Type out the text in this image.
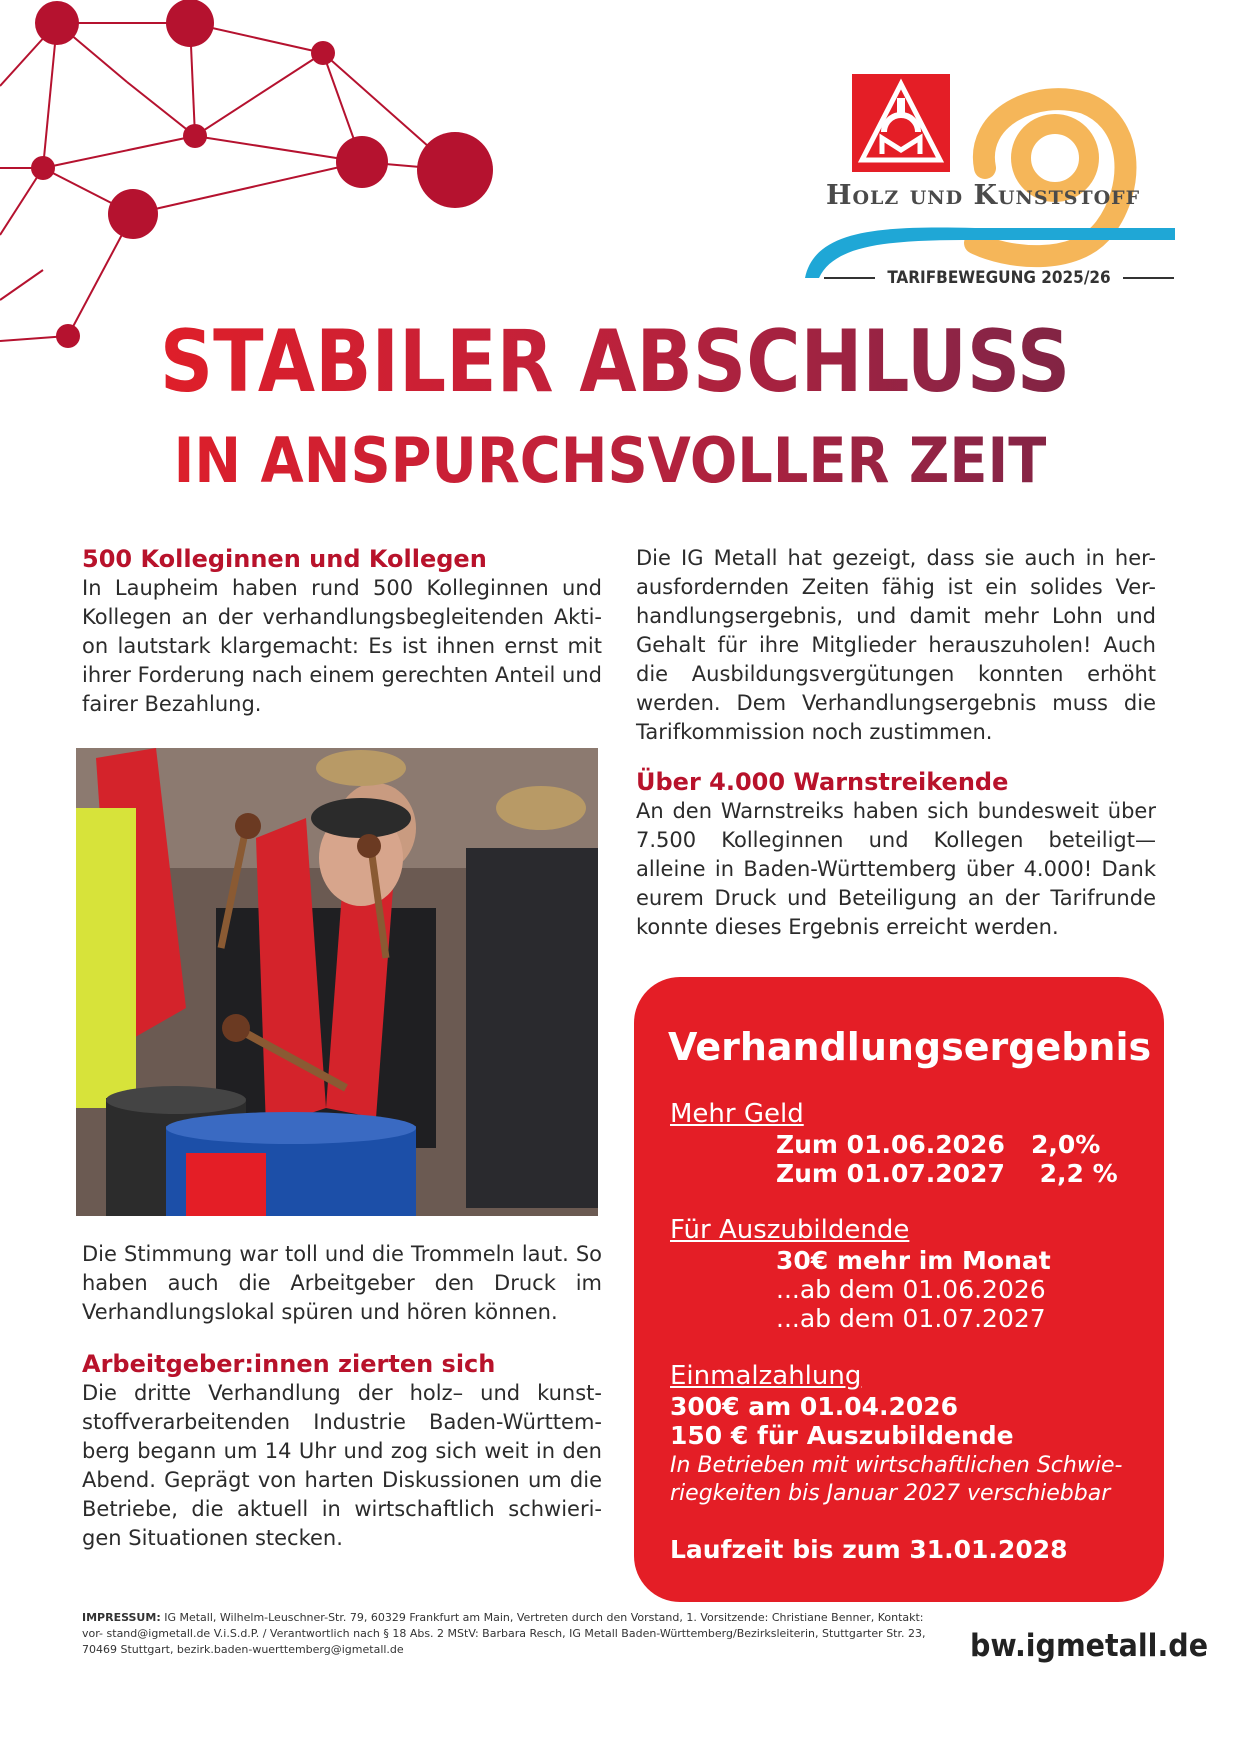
Holz und Kunststoff
TARIFBEWEGUNG 2025/26
STABILER ABSCHLUSS
IN ANSPURCHSVOLLER ZEIT
500 Kolleginnen und Kollegen

In Laupheim haben rund 500 Kolleginnen und Kollegen an der verhandlungsbegleitenden Akti- on lautstark klargemacht: Es ist ihnen ernst mit ihrer Forderung nach einem gerechten Anteil und fairer Bezahlung.

Die Stimmung war toll und die Trommeln laut. So haben auch die Arbeitgeber den Druck im Verhandlungslokal spüren und hören können.

Arbeitgeber:innen zierten sich

Die dritte Verhandlung der holz– und kunst- stoffverarbeitenden Industrie Baden-Württem- berg begann um 14 Uhr und zog sich weit in den Abend. Geprägt von harten Diskussionen um die Betriebe, die aktuell in wirtschaftlich schwieri- gen Situationen stecken.

Die IG Metall hat gezeigt, dass sie auch in her- ausfordernden Zeiten fähig ist ein solides Ver- handlungsergebnis, und damit mehr Lohn und Gehalt für ihre Mitglieder herauszuholen! Auch die Ausbildungsvergütungen konnten erhöht werden. Dem Verhandlungsergebnis muss die Tarifkommission noch zustimmen.

Über 4.000 Warnstreikende

An den Warnstreiks haben sich bundesweit über 7.500 Kolleginnen und Kollegen beteiligt— alleine in Baden-Württemberg über 4.000! Dank eurem Druck und Beteiligung an der Tarifrunde konnte dieses Ergebnis erreicht werden.

Verhandlungsergebnis
Mehr Geld
Zum 01.06.2026   2,0%
Zum 01.07.2027    2,2 %
Für Auszubildende
30€ mehr im Monat
...ab dem 01.06.2026
...ab dem 01.07.2027
Einmalzahlung
300€ am 01.04.2026
150 € für Auszubildende
In Betrieben mit wirtschaftlichen Schwie-
riegkeiten bis Januar 2027 verschiebbar
Laufzeit bis zum 31.01.2028
IMPRESSUM: IG Metall, Wilhelm-Leuschner-Str. 79, 60329 Frankfurt am Main, Vertreten durch den Vorstand, 1. Vorsitzende: Christiane Benner, Kontakt: vor- stand@igmetall.de V.i.S.d.P. / Verantwortlich nach § 18 Abs. 2 MStV: Barbara Resch, IG Metall Baden-Württemberg/Bezirksleiterin, Stuttgarter Str. 23, 70469 Stuttgart, bezirk.baden-wuerttemberg@igmetall.de	bw.igmetall.de
